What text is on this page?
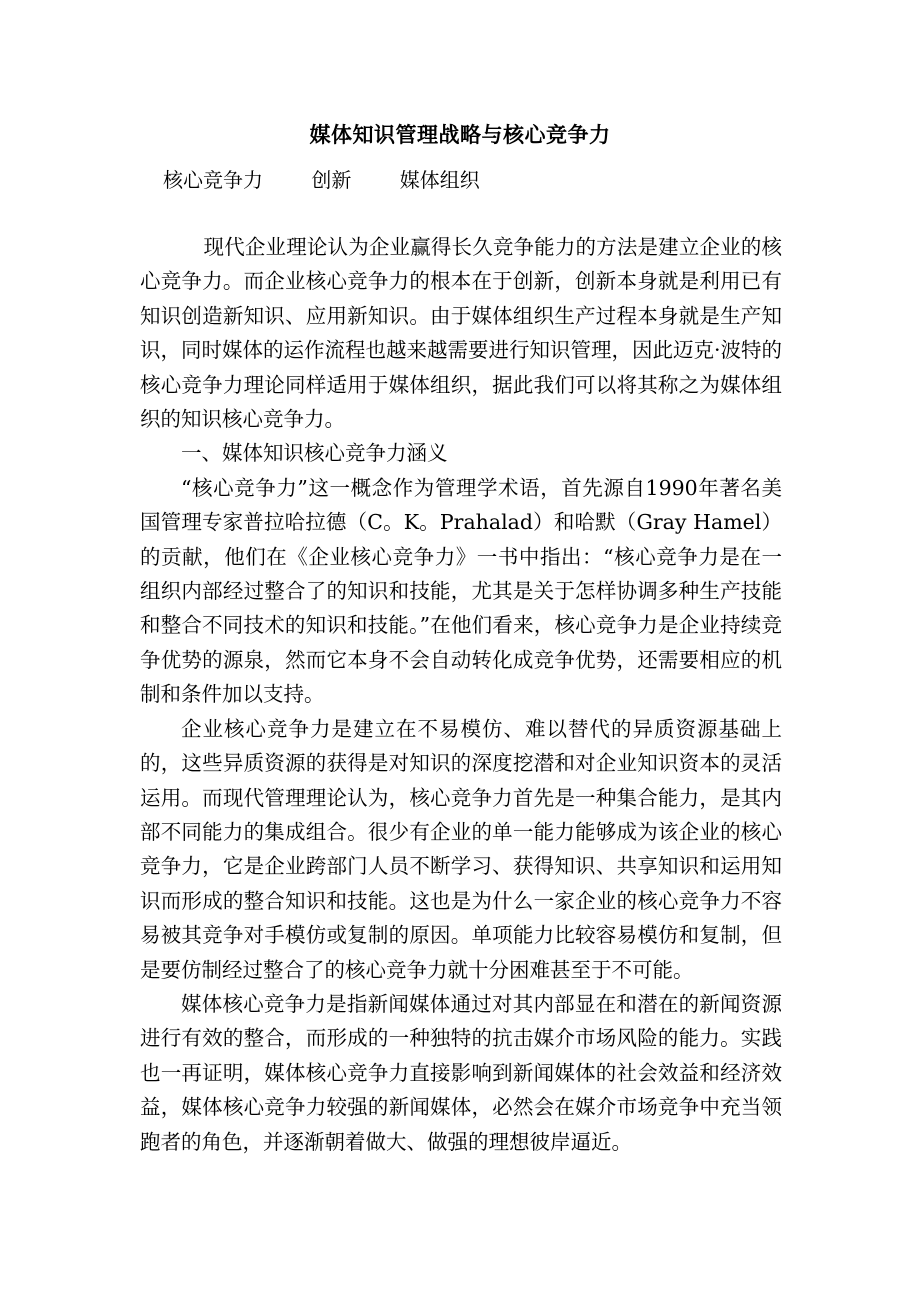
媒体知识管理战略与核心竞争力
核心竞争力 创新 媒体组织

现代企业理论认为企业赢得长久竞争能力的方法是建立企业的核心竞争力。而企业核心竞争力的根本在于创新，创新本身就是利用已有知识创造新知识、应用新知识。由于媒体组织生产过程本身就是生产知识，同时媒体的运作流程也越来越需要进行知识管理，因此迈克·波特的核心竞争力理论同样适用于媒体组织，据此我们可以将其称之为媒体组织的知识核心竞争力。

一、媒体知识核心竞争力涵义

“核心竞争力”这一概念作为管理学术语，首先源自1990年著名美国管理专家普拉哈拉德（C。K。Prahalad）和哈默（Gray Hamel）的贡献，他们在《企业核心竞争力》一书中指出：“核心竞争力是在一组织内部经过整合了的知识和技能，尤其是关于怎样协调多种生产技能和整合不同技术的知识和技能。”在他们看来，核心竞争力是企业持续竞争优势的源泉，然而它本身不会自动转化成竞争优势，还需要相应的机制和条件加以支持。

企业核心竞争力是建立在不易模仿、难以替代的异质资源基础上的，这些异质资源的获得是对知识的深度挖潜和对企业知识资本的灵活运用。而现代管理理论认为，核心竞争力首先是一种集合能力，是其内部不同能力的集成组合。很少有企业的单一能力能够成为该企业的核心竞争力，它是企业跨部门人员不断学习、获得知识、共享知识和运用知识而形成的整合知识和技能。这也是为什么一家企业的核心竞争力不容易被其竞争对手模仿或复制的原因。单项能力比较容易模仿和复制，但是要仿制经过整合了的核心竞争力就十分困难甚至于不可能。

媒体核心竞争力是指新闻媒体通过对其内部显在和潜在的新闻资源进行有效的整合，而形成的一种独特的抗击媒介市场风险的能力。实践也一再证明，媒体核心竞争力直接影响到新闻媒体的社会效益和经济效益，媒体核心竞争力较强的新闻媒体，必然会在媒介市场竞争中充当领跑者的角色，并逐渐朝着做大、做强的理想彼岸逼近。
